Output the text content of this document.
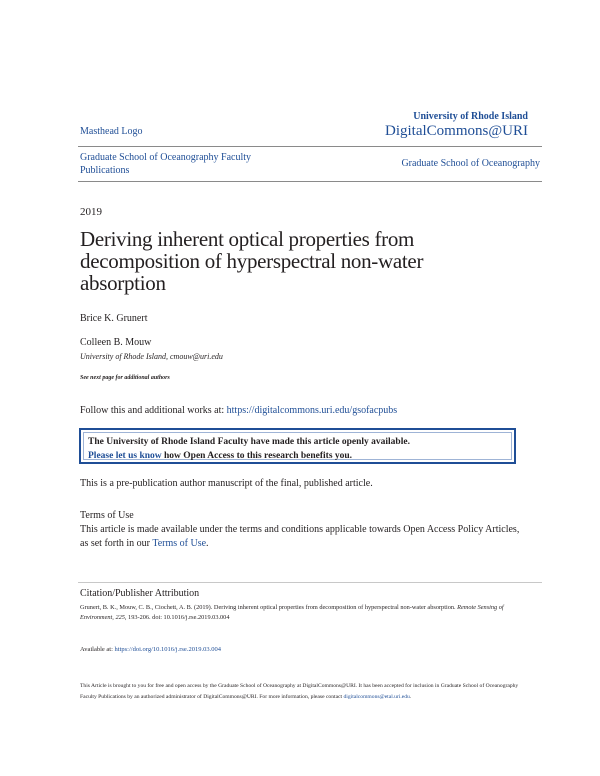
Masthead Logo
University of Rhode Island
DigitalCommons@URI
Graduate School of Oceanography Faculty Publications
Graduate School of Oceanography
2019
Deriving inherent optical properties from decomposition of hyperspectral non-water absorption
Brice K. Grunert
Colleen B. Mouw
University of Rhode Island, cmouw@uri.edu
See next page for additional authors
Follow this and additional works at: https://digitalcommons.uri.edu/gsofacpubs
The University of Rhode Island Faculty have made this article openly available.
Please let us know how Open Access to this research benefits you.
This is a pre-publication author manuscript of the final, published article.
Terms of Use
This article is made available under the terms and conditions applicable towards Open Access Policy Articles, as set forth in our Terms of Use.
Citation/Publisher Attribution
Grunert, B. K., Mouw, C. B., Ciochett, A. B. (2019). Deriving inherent optical properties from decomposition of hyperspectral non-water absorption. Remote Sensing of Environment, 225, 193-206. doi: 10.1016/j.rse.2019.03.004
Available at: https://doi.org/10.1016/j.rse.2019.03.004
This Article is brought to you for free and open access by the Graduate School of Oceanography at DigitalCommons@URI. It has been accepted for inclusion in Graduate School of Oceanography Faculty Publications by an authorized administrator of DigitalCommons@URI. For more information, please contact digitalcommons@etal.uri.edu.
